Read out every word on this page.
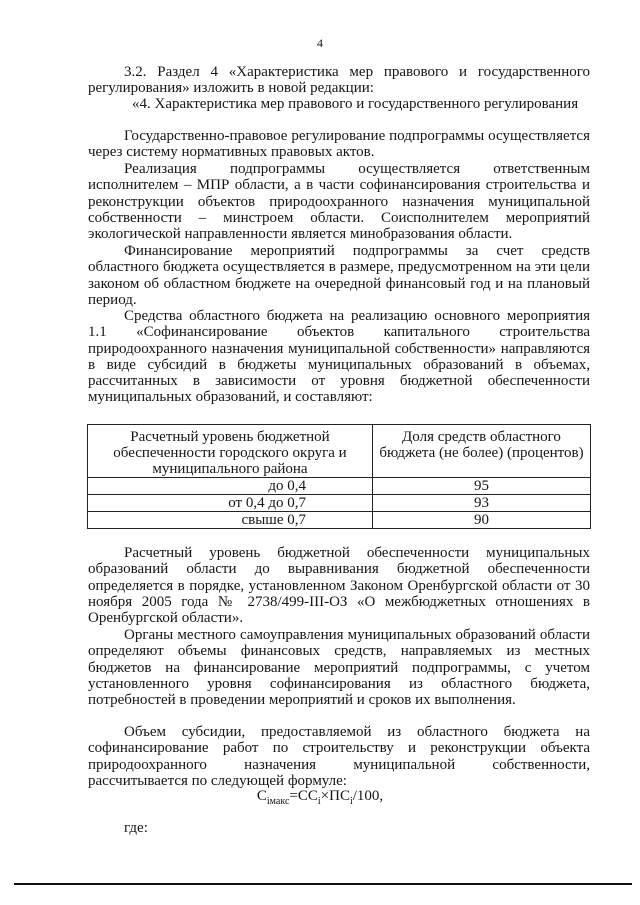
4

3.2. Раздел 4 «Характеристика мер правового и государственного регулирования» изложить в новой редакции:

«4. Характеристика мер правового и государственного регулирования

Государственно-правовое регулирование подпрограммы осуществляется через систему нормативных правовых актов.

Реализация подпрограммы осуществляется ответственным исполнителем – МПР области, а в части софинансирования строительства и реконструкции объектов природоохранного назначения муниципальной собственности – минстроем области. Соисполнителем мероприятий экологической направленности является минобразования области.

Финансирование мероприятий подпрограммы за счет средств областного бюджета осуществляется в размере, предусмотренном на эти цели законом об областном бюджете на очередной финансовый год и на плановый период.

Средства областного бюджета на реализацию основного мероприятия 1.1 «Софинансирование объектов капитального строительства природоохранного назначения муниципальной собственности» направляются в виде субсидий в бюджеты муниципальных образований в объемах, рассчитанных в зависимости от уровня бюджетной обеспеченности муниципальных образований, и составляют:

Расчетный уровень бюджетной обеспеченности городского округа и муниципального района	Доля средств областного бюджета (не более) (процентов)
до 0,4	95
от 0,4 до 0,7	93
свыше 0,7	90

Расчетный уровень бюджетной обеспеченности муниципальных образований области до выравнивания бюджетной обеспеченности определяется в порядке, установленном Законом Оренбургской области от 30 ноября 2005 года № 2738/499-III-ОЗ «О межбюджетных отношениях в Оренбургской области».

Органы местного самоуправления муниципальных образований области определяют объемы финансовых средств, направляемых из местных бюджетов на финансирование мероприятий подпрограммы, с учетом установленного уровня софинансирования из областного бюджета, потребностей в проведении мероприятий и сроков их выполнения.

Объем субсидии, предоставляемой из областного бюджета на софинансирование работ по строительству и реконструкции объекта природоохранного назначения муниципальной собственности, рассчитывается по следующей формуле:

$С_{iмакс}=СС_i\times ПС_i/100$,
где:
